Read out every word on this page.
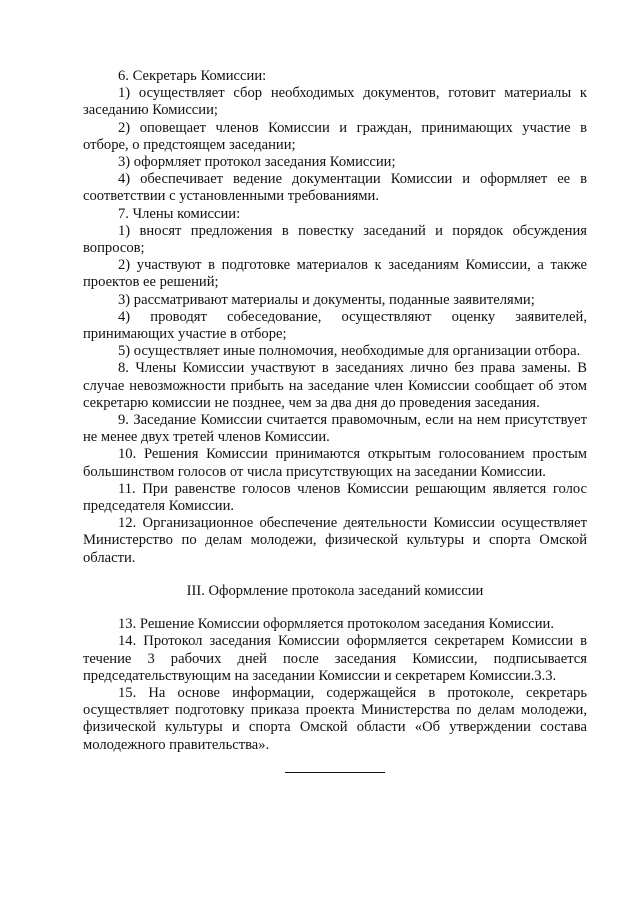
6. Секретарь Комиссии:

1) осуществляет сбор необходимых документов, готовит материалы к заседанию Комиссии;

2) оповещает членов Комиссии и граждан, принимающих участие в отборе, о предстоящем заседании;

3) оформляет протокол заседания Комиссии;

4) обеспечивает ведение документации Комиссии и оформляет ее в соответствии с установленными требованиями.

7. Члены комиссии:

1) вносят предложения в повестку заседаний и порядок обсуждения вопросов;

2) участвуют в подготовке материалов к заседаниям Комиссии, а также проектов ее решений;

3) рассматривают материалы и документы, поданные заявителями;

4) проводят собеседование, осуществляют оценку заявителей, принимающих участие в отборе;

5) осуществляет иные полномочия, необходимые для организации отбора.

8. Члены Комиссии участвуют в заседаниях лично без права замены. В случае невозможности прибыть на заседание член Комиссии сообщает об этом секретарю комиссии не позднее, чем за два дня до проведения заседания.

9. Заседание Комиссии считается правомочным, если на нем присутствует не менее двух третей членов Комиссии.

10. Решения Комиссии принимаются открытым голосованием простым большинством голосов от числа присутствующих на заседании Комиссии.

11. При равенстве голосов членов Комиссии решающим является голос председателя Комиссии.

12. Организационное обеспечение деятельности Комиссии осуществляет Министерство по делам молодежи, физической культуры и спорта Омской области.

III. Оформление протокола заседаний комиссии

13. Решение Комиссии оформляется протоколом заседания Комиссии.

14. Протокол заседания Комиссии оформляется секретарем Комиссии в течение 3 рабочих дней после заседания Комиссии, подписывается председательствующим на заседании Комиссии и секретарем Комиссии.3.3.

15. На основе информации, содержащейся в протоколе, секретарь осуществляет подготовку приказа проекта Министерства по делам молодежи, физической культуры и спорта Омской области «Об утверждении состава молодежного правительства».
